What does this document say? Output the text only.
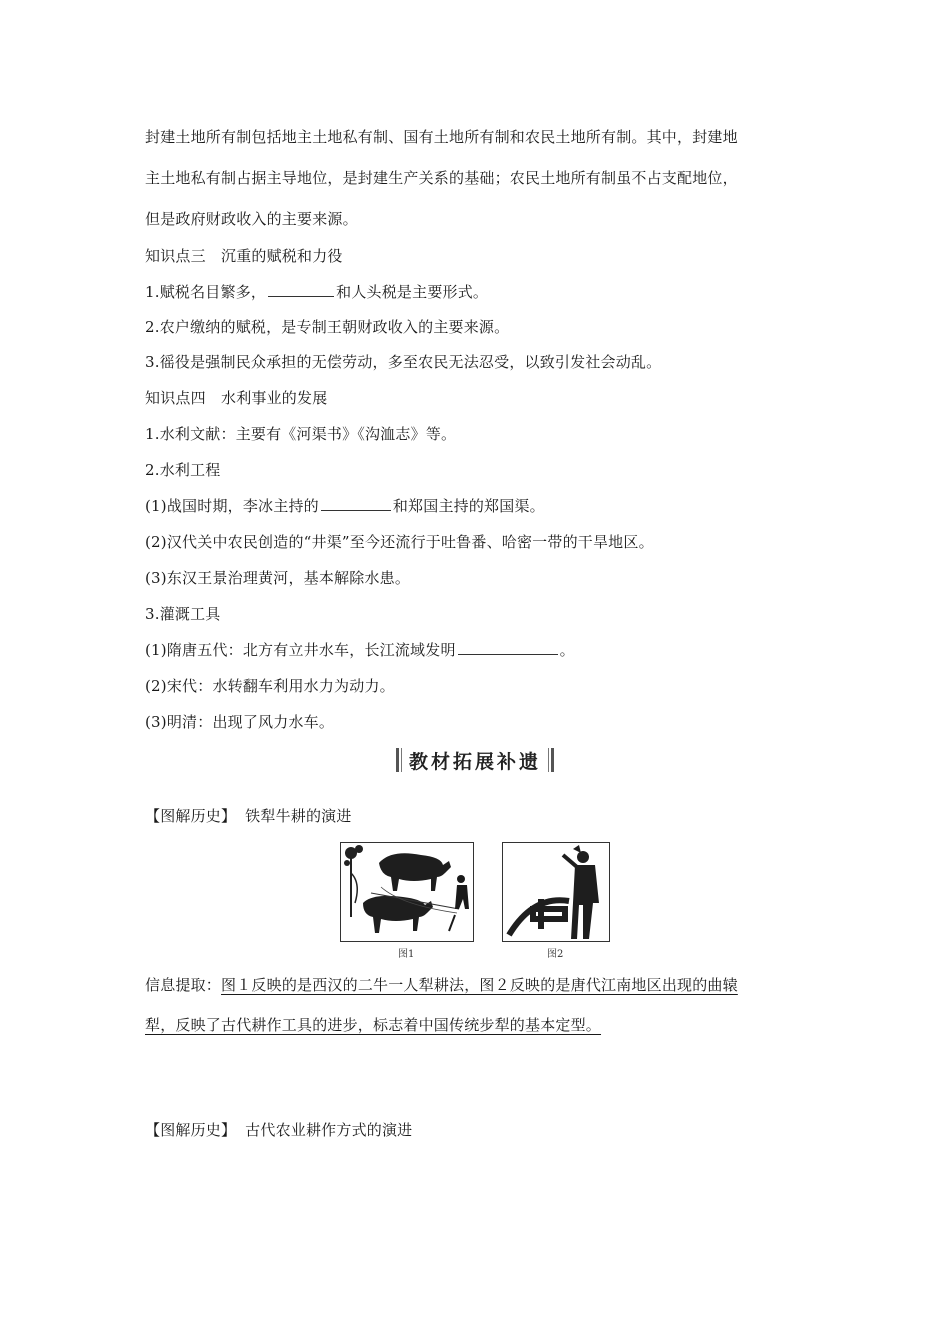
封建土地所有制包括地主土地私有制、国有土地所有制和农民土地所有制。其中，封建地
主土地私有制占据主导地位，是封建生产关系的基础；农民土地所有制虽不占支配地位，
但是政府财政收入的主要来源。
知识点三　沉重的赋税和力役
1.赋税名目繁多，	和人头税是主要形式。
2.农户缴纳的赋税，是专制王朝财政收入的主要来源。
3.徭役是强制民众承担的无偿劳动，多至农民无法忍受，以致引发社会动乱。
知识点四　水利事业的发展
1.水利文献：主要有《河渠书》《沟洫志》等。
2.水利工程
(1)战国时期，李冰主持的	和郑国主持的郑国渠。
(2)汉代关中农民创造的“井渠”至今还流行于吐鲁番、哈密一带的干旱地区。
(3)东汉王景治理黄河，基本解除水患。
3.灌溉工具
(1)隋唐五代：北方有立井水车，长江流域发明	。
(2)宋代：水转翻车利用水力为动力。
(3)明清：出现了风力水车。
教材拓展补遗
【图解历史】 铁犁牛耕的演进
图1	图2
信息提取：图１反映的是西汉的二牛一人犁耕法，图２反映的是唐代江南地区出现的曲辕
犁，反映了古代耕作工具的进步，标志着中国传统步犁的基本定型。
【图解历史】 古代农业耕作方式的演进
